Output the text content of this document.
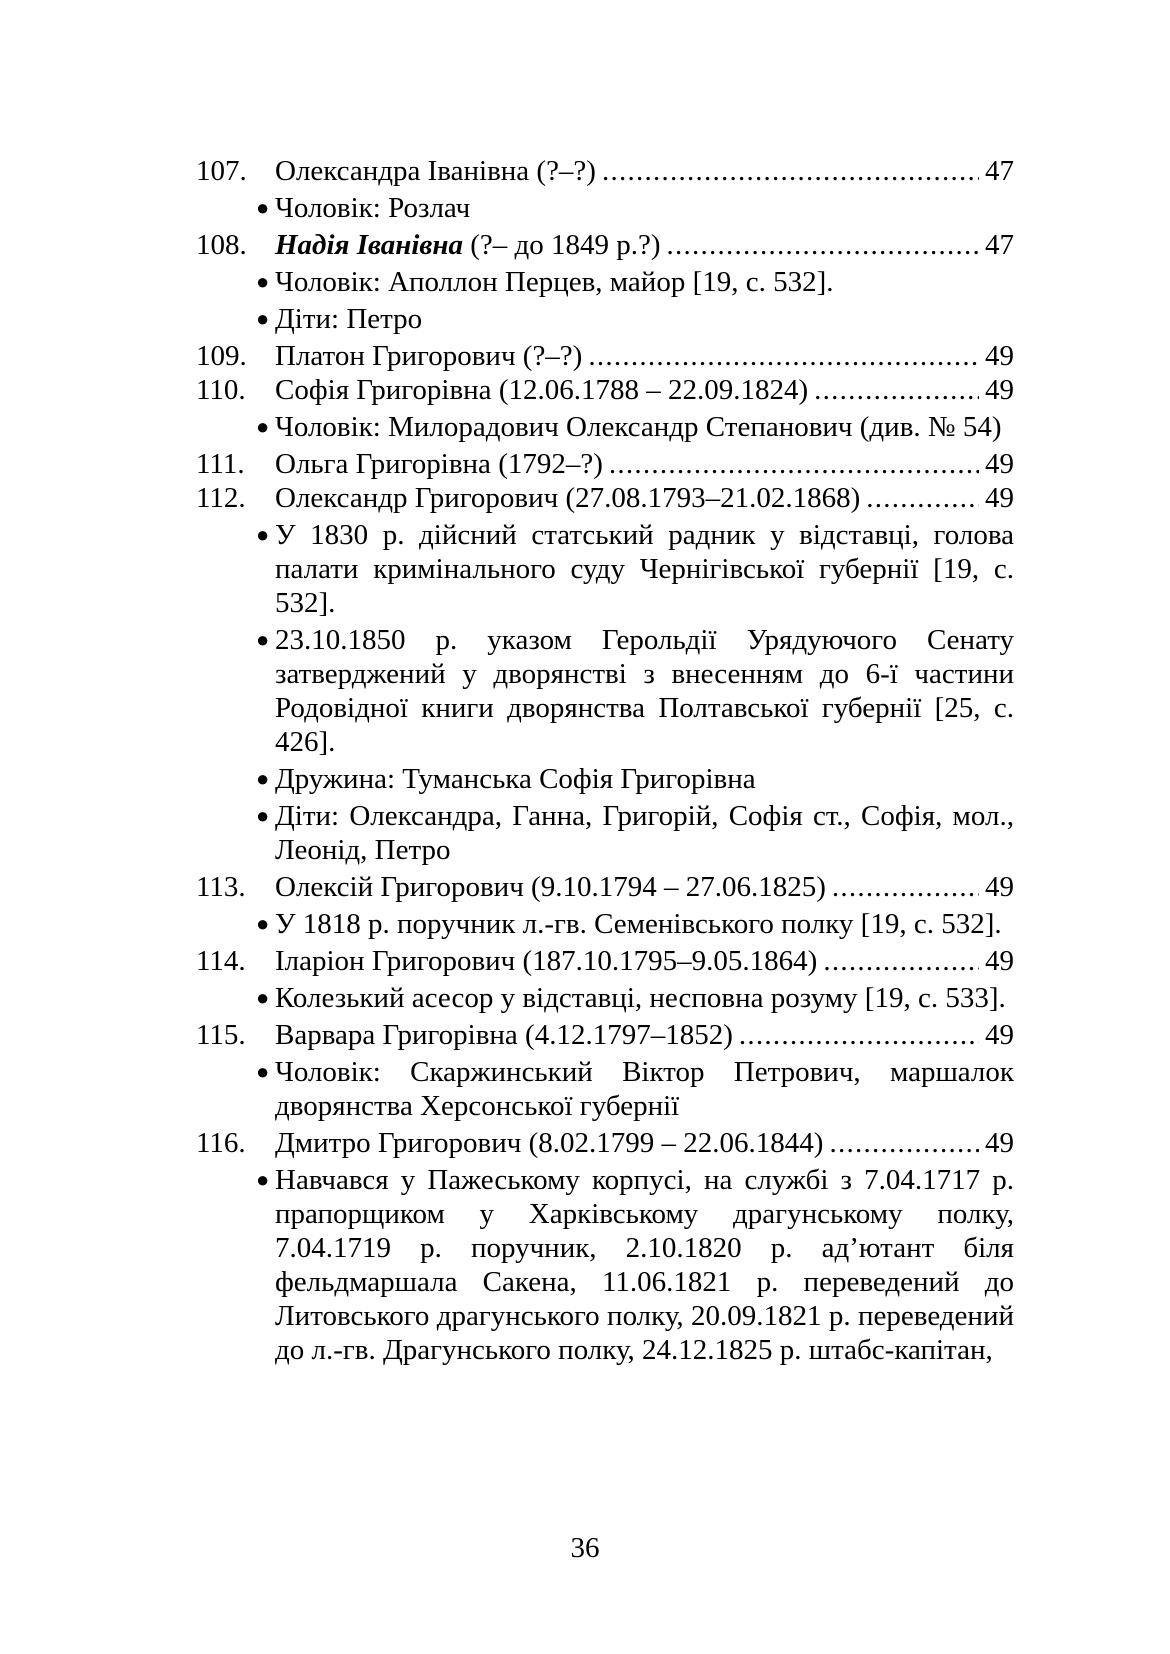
107. Олександра Іванівна (?–?) . . .	47
● Чоловік: Розлач
108. Надія Іванівна (?– до 1849 р.?) . . .	47
● Чоловік: Аполлон Перцев, майор [19, с. 532].
● Діти: Петро
109. Платон Григорович (?–?) . . .	49
110.	Софія Григорівна (12.06.1788 – 22.09.1824) . . .	49
● Чоловік: Милорадович Олександр Степанович (див. № 54)
111.	Ольга Григорівна (1792–?) . . .	49
112.	Олександр Григорович (27.08.1793–21.02.1868) . . .	49
● У 1830 р. дійсний статський радник у відставці, голова палати кримінального суду Чернігівської губернії [19, с. 532].
● 23.10.1850 р. указом Герольдії Урядуючого Сенату затверджений у дворянстві з внесенням до 6-ї частини Родовідної книги дворянства Полтавської губернії [25, с. 426].
● Дружина: Туманська Софія Григорівна
● Діти: Олександра, Ганна, Григорій, Софія ст., Софія, мол., Леонід, Петро
113.	Олексій Григорович (9.10.1794 – 27.06.1825) . . .	49
● У 1818 р. поручник л.-гв. Семенівського полку [19, с. 532].
114.	Іларіон Григорович (187.10.1795–9.05.1864) . . .	49
● Колезький асесор у відставці, несповна розуму [19, с. 533].
115.	Варвара Григорівна (4.12.1797–1852) . . .	49
● Чоловік: Скаржинський Віктор Петрович, маршалок дворянства Херсонської губернії
116.	Дмитро Григорович (8.02.1799 – 22.06.1844) . . .	49
● Навчався у Пажеському корпусі, на службі з 7.04.1717 р. прапорщиком у Харківському драгунському полку, 7.04.1719 р. поручник, 2.10.1820 р. ад’ютант біля фельдмаршала Сакена, 11.06.1821 р. переведений до Литовського драгунського полку, 20.09.1821 р. переведений до л.-гв. Драгунського полку, 24.12.1825 р. штабс-капітан,
36
